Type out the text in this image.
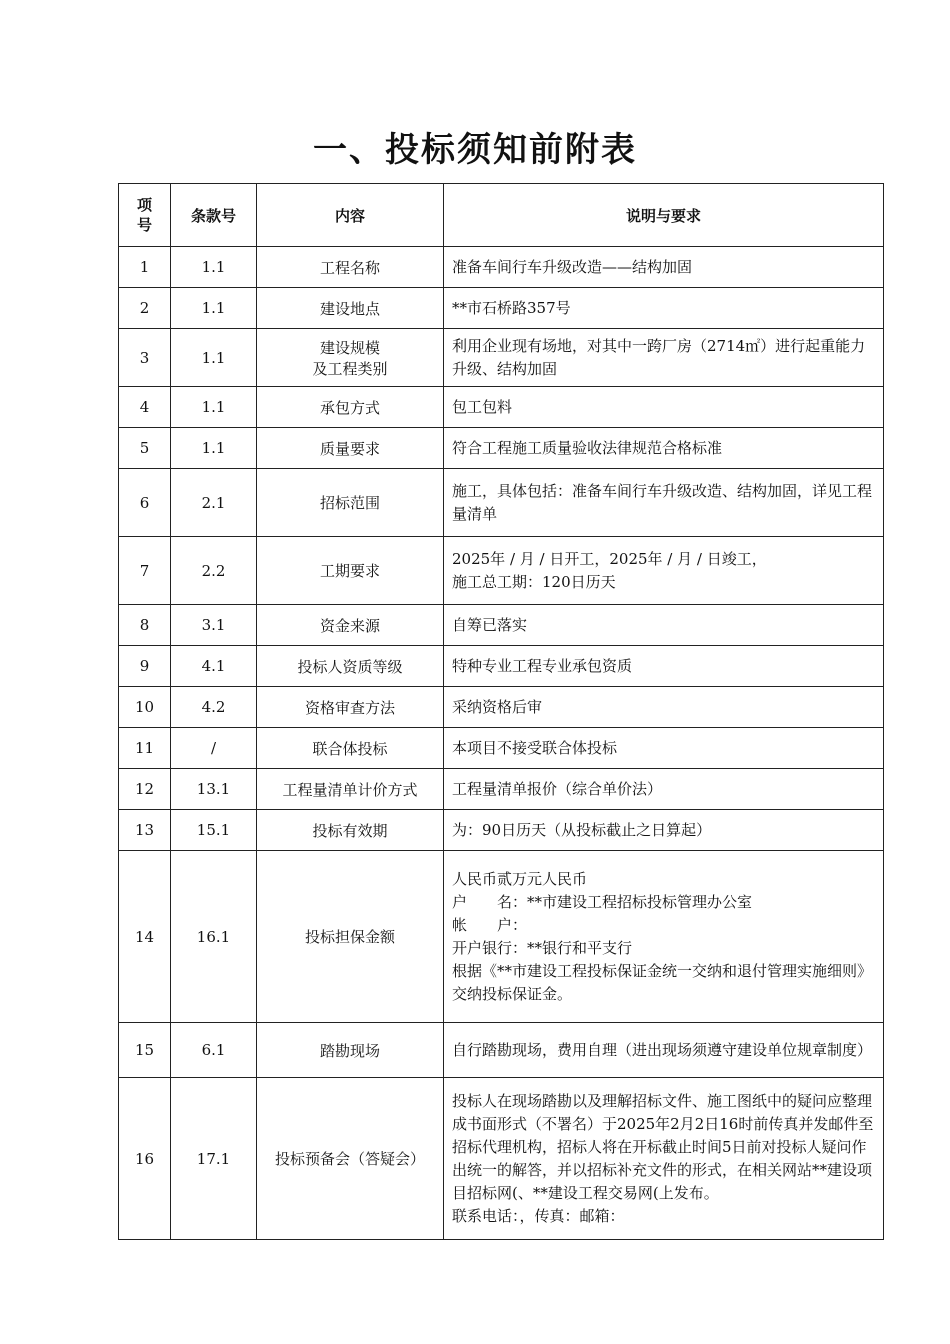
一、投标须知前附表
项
号	条款号	内容	说明与要求

1	1.1	工程名称	准备车间行车升级改造——结构加固

2	1.1	建设地点	**市石桥路357号

3	1.1	建设规模
及工程类别	利用企业现有场地，对其中一跨厂房（2714㎡）进行起重能力升级、结构加固

4	1.1	承包方式	包工包料

5	1.1	质量要求	符合工程施工质量验收法律规范合格标准

6	2.1	招标范围	施工，具体包括：准备车间行车升级改造、结构加固，详见工程量清单

7	2.2	工期要求	2025年 / 月 / 日开工，2025年 / 月 / 日竣工，
施工总工期：120日历天

8	3.1	资金来源	自筹已落实

9	4.1	投标人资质等级	特种专业工程专业承包资质

10	4.2	资格审查方法	采纳资格后审

11	/	联合体投标	本项目不接受联合体投标

12	13.1	工程量清单计价方式	工程量清单报价（综合单价法）

13	15.1	投标有效期	为：90日历天（从投标截止之日算起）

14	16.1	投标担保金额	人民币贰万元人民币
户　　名：**市建设工程招标投标管理办公室
帐　　户：
开户银行：**银行和平支行
根据《**市建设工程投标保证金统一交纳和退付管理实施细则》交纳投标保证金。

15	6.1	踏勘现场	自行踏勘现场，费用自理（进出现场须遵守建设单位规章制度）

16	17.1	投标预备会（答疑会）	投标人在现场踏勘以及理解招标文件、施工图纸中的疑问应整理成书面形式（不署名）于2025年2月2日16时前传真并发邮件至招标代理机构，招标人将在开标截止时间5日前对投标人疑问作出统一的解答，并以招标补充文件的形式，在相关网站**建设项目招标网(、**建设工程交易网(上发布。
联系电话：，传真：邮箱：
